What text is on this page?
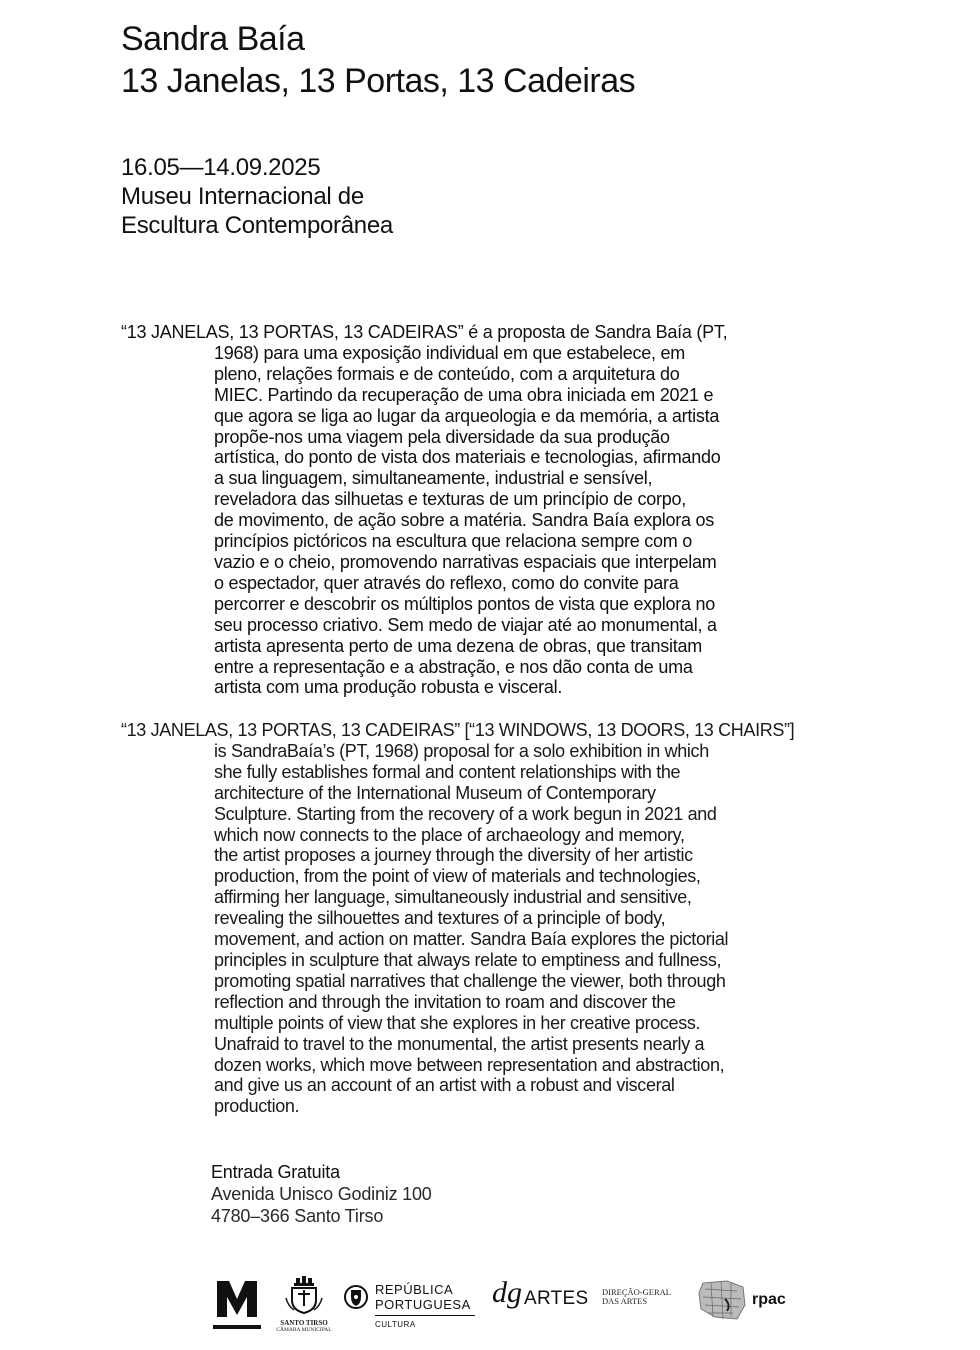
Sandra Baía
13 Janelas, 13 Portas, 13 Cadeiras
16.05—14.09.2025
Museu Internacional de
Escultura Contemporânea
“13 JANELAS, 13 PORTAS, 13 CADEIRAS” é a proposta de Sandra Baía (PT,
1968) para uma exposição individual em que estabelece, em
pleno, relações formais e de conteúdo, com a arquitetura do
MIEC. Partindo da recuperação de uma obra iniciada em 2021 e
que agora se liga ao lugar da arqueologia e da memória, a artista
propõe-nos uma viagem pela diversidade da sua produção
artística, do ponto de vista dos materiais e tecnologias, afirmando
a sua linguagem, simultaneamente, industrial e sensível,
reveladora das silhuetas e texturas de um princípio de corpo,
de movimento, de ação sobre a matéria. Sandra Baía explora os
princípios pictóricos na escultura que relaciona sempre com o
vazio e o cheio, promovendo narrativas espaciais que interpelam
o espectador, quer através do reflexo, como do convite para
percorrer e descobrir os múltiplos pontos de vista que explora no
seu processo criativo. Sem medo de viajar até ao monumental, a
artista apresenta perto de uma dezena de obras, que transitam
entre a representação e a abstração, e nos dão conta de uma
artista com uma produção robusta e visceral.
“13 JANELAS, 13 PORTAS, 13 CADEIRAS” [“13 WINDOWS, 13 DOORS, 13 CHAIRS”]
is SandraBaía’s (PT, 1968) proposal for a solo exhibition in which
she fully establishes formal and content relationships with the
architecture of the International Museum of Contemporary
Sculpture. Starting from the recovery of a work begun in 2021 and
which now connects to the place of archaeology and memory,
the artist proposes a journey through the diversity of her artistic
production, from the point of view of materials and technologies,
affirming her language, simultaneously industrial and sensitive,
revealing the silhouettes and textures of a principle of body,
movement, and action on matter. Sandra Baía explores the pictorial
principles in sculpture that always relate to emptiness and fullness,
promoting spatial narratives that challenge the viewer, both through
reflection and through the invitation to roam and discover the
multiple points of view that she explores in her creative process.
Unafraid to travel to the monumental, the artist presents nearly a
dozen works, which move between representation and abstraction,
and give us an account of an artist with a robust and visceral
production.
Entrada Gratuita
Avenida Unisco Godiniz 100
4780–366 Santo Tirso
SANTO TIRSO
CÂMARA MUNICIPAL
REPÚBLICA
PORTUGUESA
CULTURA
dg ARTES DIREÇÃO-GERAL
DAS ARTES	rpac
